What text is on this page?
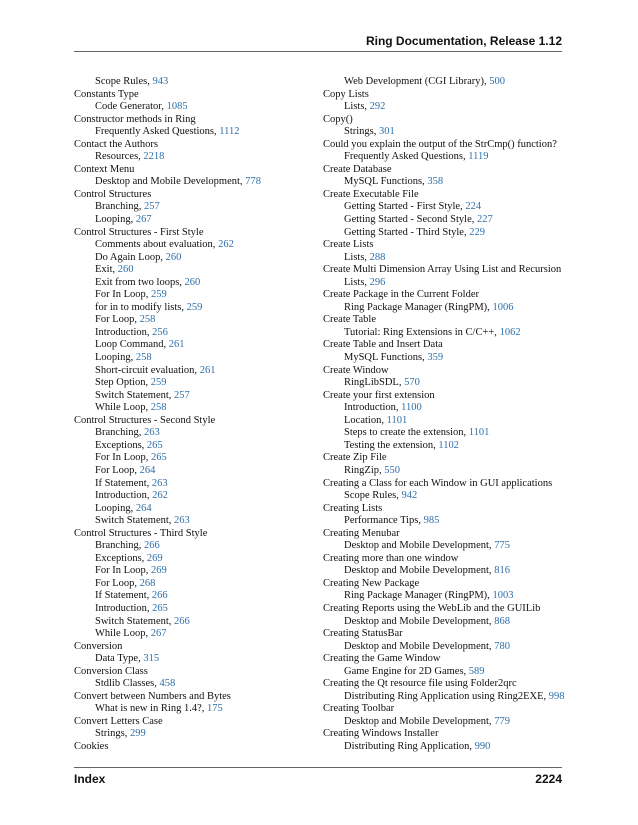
Ring Documentation, Release 1.12
Scope Rules, 943
Constants Type
Code Generator, 1085
Constructor methods in Ring
Frequently Asked Questions, 1112
Contact the Authors
Resources, 2218
Context Menu
Desktop and Mobile Development, 778
Control Structures
Branching, 257
Looping, 267
Control Structures - First Style
Comments about evaluation, 262
Do Again Loop, 260
Exit, 260
Exit from two loops, 260
For In Loop, 259
for in to modify lists, 259
For Loop, 258
Introduction, 256
Loop Command, 261
Looping, 258
Short-circuit evaluation, 261
Step Option, 259
Switch Statement, 257
While Loop, 258
Control Structures - Second Style
Branching, 263
Exceptions, 265
For In Loop, 265
For Loop, 264
If Statement, 263
Introduction, 262
Looping, 264
Switch Statement, 263
Control Structures - Third Style
Branching, 266
Exceptions, 269
For In Loop, 269
For Loop, 268
If Statement, 266
Introduction, 265
Switch Statement, 266
While Loop, 267
Conversion
Data Type, 315
Conversion Class
Stdlib Classes, 458
Convert between Numbers and Bytes
What is new in Ring 1.4?, 175
Convert Letters Case
Strings, 299
Cookies
Web Development (CGI Library), 500
Copy Lists
Lists, 292
Copy()
Strings, 301
Could you explain the output of the StrCmp() function?
Frequently Asked Questions, 1119
Create Database
MySQL Functions, 358
Create Executable File
Getting Started - First Style, 224
Getting Started - Second Style, 227
Getting Started - Third Style, 229
Create Lists
Lists, 288
Create Multi Dimension Array Using List and Recursion
Lists, 296
Create Package in the Current Folder
Ring Package Manager (RingPM), 1006
Create Table
Tutorial: Ring Extensions in C/C++, 1062
Create Table and Insert Data
MySQL Functions, 359
Create Window
RingLibSDL, 570
Create your first extension
Introduction, 1100
Location, 1101
Steps to create the extension, 1101
Testing the extension, 1102
Create Zip File
RingZip, 550
Creating a Class for each Window in GUI applications
Scope Rules, 942
Creating Lists
Performance Tips, 985
Creating Menubar
Desktop and Mobile Development, 775
Creating more than one window
Desktop and Mobile Development, 816
Creating New Package
Ring Package Manager (RingPM), 1003
Creating Reports using the WebLib and the GUILib
Desktop and Mobile Development, 868
Creating StatusBar
Desktop and Mobile Development, 780
Creating the Game Window
Game Engine for 2D Games, 589
Creating the Qt resource file using Folder2qrc
Distributing Ring Application using Ring2EXE, 998
Creating Toolbar
Desktop and Mobile Development, 779
Creating Windows Installer
Distributing Ring Application, 990
Index	2224
